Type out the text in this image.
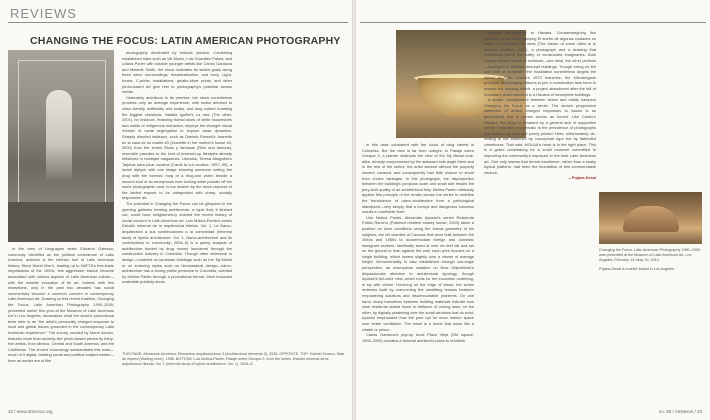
REVIEWS
CHANGING THE FOCUS: LATIN AMERICAN PHOTOGRAPHY

In the view of Uruguayan writer Eduardo Galeano, commonly identified as the political conscience of Latin America, activism is the intrinsic fuel of Latin American history. Since World War II, leading up to NAFTA's free-trade negotiations of the 1990s, this aggressive stance became associated with various aspects of Latin American culture—with the notable exception of its art. Indeed, with few exceptions, only in the past two decades has social commentary become a common concern in contemporary Latin American art. Drawing on this recent tradition, Changing the Focus: Latin American Photography 1990–2005, presented earlier this year at the Museum of Latin American Art in Los Angeles, showcases what the show's promotional texts refer to as "the artist's personally charged response to local and global issues grounded in the contemporary Latin American experience." The survey, curated by Idurre Alonso, features more than seventy-five photo-based pieces by thirty-five artists, from Mexico, Central and South America, and the Caribbean. The show's chronology substantiates this work—much of it digital, tackling social and political subject matter—from an earlier era of film

photography dominated by folkloric lyricism. Combining established stars such as Vik Muniz, Luis González Palma, and Liliana Porter with notable younger artists like Carlos Garaicoa and Melanie Smith, the show motivates its stated goals along three axes: surroundings, theatricalization, and irony. Light-boxes, C-prints, installations, gelatin-silver prints, and other photo-based art give rein to photography's potential across media.

Ostensibly ambitious in its premise, the show nonetheless provides only an average experience, with works devoted to class identity, artificiality and reality, and drug culture boasting the biggest chestnuts. Natalia Iguiñiz's La otra (The other, 2001), for instance, featuring frontal shots of white housewives and maids of indigenous extraction, deploys the stronger visual rhetoric of racial segregation to explore class dynamics. Sharply directed tableaux, such as Daniela Rossell's Jeanette en la casa de su madre #3 (Jeanette in her mother's house #3, 2002) from the series Ricas y famosas (Rich and famous), resemble parodies to the kind of preened-up lifestyles already fetishized in boutique magazines. Likewise, Teresa Margolles's Tarjetas para picar cocaína (Cards to cut cocaine; 1997–99), a lavish diptych with one image showing someone cutting the drug with the forensic mug of a drug-war victim beside a second shot of an anonymous man looking white powder off the same photographic card, is too shaken by the stock raciness of the fabled exposé to be categorized with sharp, socially responsive art.

The potential in Changing the Focus can be glimpsed in the opening galleries treating architecture, a topic that, if fleshed out, could have enlightened-ly charted the recent history of social concern in Latin American art. Luis Molina-Pantin's series Estudio informal de la arquitectura hibrida. Vol. 1, La Narco-arquitectura a sus contribuciones a la comunidad (Informal study of hybrid architecture. Vol. 1, Narco-architecture and its contributions to community; 2004–5) is a quirky analysis of architecture funded by drug money laundered through the construction industry in Colombia. Though often whimsical in design—modeled on landmark buildings such as the Taj Mahal or on enduring styles such as Neoclassical design—narco-architecture has a strong public presence in Colombia, overlaid by Molina Pantin through a promotional format: think muscular realestate publicity shots.

THIS PAGE: Alexandre Arrechea, Elementos arquitectónicos 3 (Architectural elements 3), 2005. OPPOSITE, TOP: Gabriel Orozco, Sala de espera (Waiting room), 1998. BOTTOM: Luis Molina-Pantin, Pasaje sobre Dunque 3, from the series, Estudio informal de la arquitectura hibrida. Vol. 1 (Informal study of hybrid architecture. Vol. 1), 2004–5.

In this case consistent with the cloud of drug cartels in Colombia. But the view is far from outright. In Pasaje sobre Dunque 3, a planter obstructs the view of the Taj Mahal look-alike, already compromised by the awkward side angle there and in the rest of the series; the artist worked without the property owners' consent, and consequently had little chance to shoot from choice vantages. In this photograph, the disproportion between the building's pompous scale and small size results the jerry-built quality of an architectural folly. Molina Pantin ruthlessly applies this principle of the erratic across the series to redefine the fraudulence of narco-architecture from a pathological standpoint—very simply, that a corrupt and dangerous business results in unreliable form.

Like Molina Pantin, Alexander Apóstol's series Residente Pulido Rancho (Polished resident shanty house; 2003) takes a position on slum conditions using the formal geometry of his subjects, the hill shanties of Caracas that were built between the 1940s and 1950s to accommodate foreign and domestic immigrant workers. Identically sized at over six feet tall and set on the ground to lean against the wall, each print focuses on a single building, which towers slightly over a viewer of average height. Monumentality is also established through low-angle perspective, an obsequious variation on New Objectivism's dispassionate attention to architectural typology, though Apóstol's full-color view, which roots for the economic underdog, is sly with charm. Hovering on the edge of views, the series redeems itself by overcoming the unsettling tension between empowering solutions and insurmountable problems. On one hand, sharp transitions between building materials indicate how slum residents added floors in defiance of zoning laws; on the other, by digitally plastering over the small windows that do exist, Apóstol emphasizes how the poor opt for more interior space over better ventilation. The result is a home that looks like a citadel or prison.

Carlos Garaicoa's pop-up book Plaza Vieja (Old square; 1994–2005) contains a fictional architect's plans to refurbish

heritage architecture in Havana. Counterweighing this optimism is his accompanying El sueño de algunas ciudades es llegar a convertirse en otras (The dream of some cities is to become another, 2001), a photograph and a drawing that collectively damn the frailty of constructed imaginaries. Both images present views of solutions—one ideal, the other perilous—employed to stabilize decrepit buildings. Though erring on the cool side of moderate, the installation nonetheless targets the failure of Fidel Castro's 1970 branches, the Microbrigade proposal, encouraging citizens to join a construction task force to resolve the housing deficit, a project abandoned after the fall of Socialism, which resulted in a Havana of incomplete buildings.

A similar misalignment between desire and reality hampers Changing the Focus as a whole. The show's progressive statement of artists' charged responses to issues is as generalized that it comes across as forced. Like Castro's Havana, the show is thwarted by a general lack of supportive merits. Especially problematic is the prevalence of photographs that look poorly shot and poorly printed. Here, unfortunately, de-skilling is not balanced by conceptual rigor but by flatfooted cheekiness. That said, MOLAA's heart is in the right place. This is a grand undertaking for a small museum committed to improving the community's exposure to the best Latin American art. One only wishes that formal excellence, rather than a shaky topical platform, had been the foundation of this commendable venture.

—Pujana Desai

Changing the Focus: Latin American Photography 1990–2005 was presented at the Museum of Latin American Art, Los Angeles, February 14–May 10, 2010.
Pujana Desai is a writer based in Los Angeles.
32 / www.artnexus.org	no. 80 / ArtNexus / 33
